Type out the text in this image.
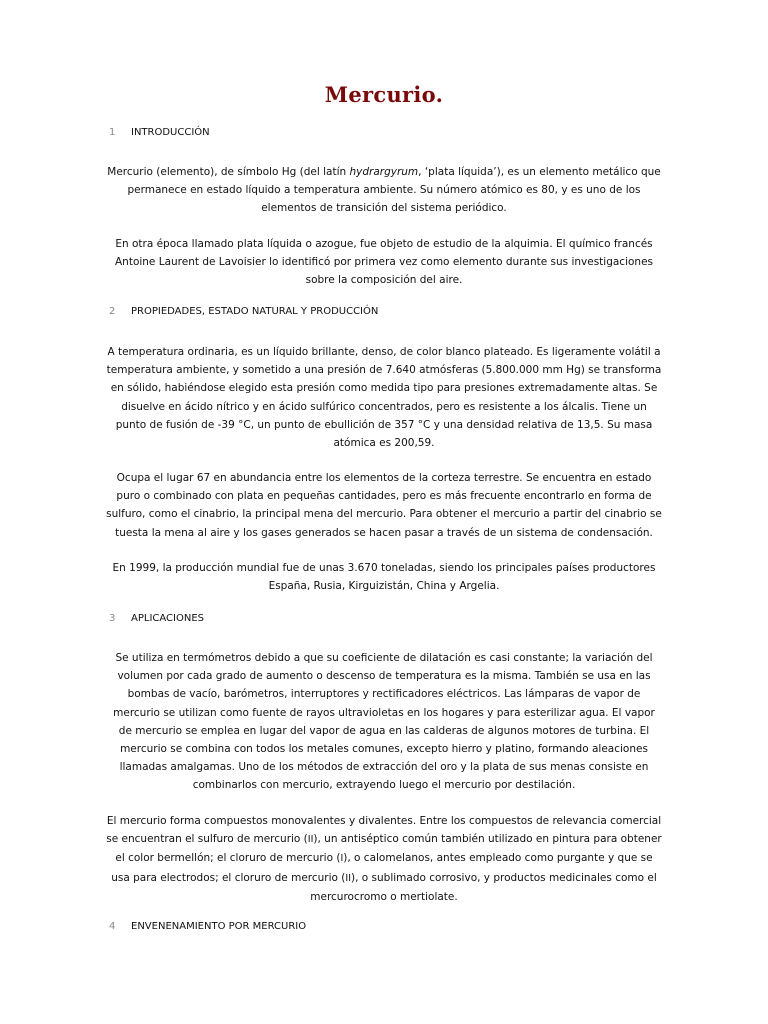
Mercurio.
1 INTRODUCCIÓN

Mercurio (elemento), de símbolo Hg (del latín hydrargyrum, ‘plata líquida’), es un elemento metálico que permanece en estado líquido a temperatura ambiente. Su número atómico es 80, y es uno de los elementos de transición del sistema periódico.

En otra época llamado plata líquida o azogue, fue objeto de estudio de la alquimia. El químico francés Antoine Laurent de Lavoisier lo identificó por primera vez como elemento durante sus investigaciones sobre la composición del aire.

2 PROPIEDADES, ESTADO NATURAL Y PRODUCCIÓN

A temperatura ordinaria, es un líquido brillante, denso, de color blanco plateado. Es ligeramente volátil a temperatura ambiente, y sometido a una presión de 7.640 atmósferas (5.800.000 mm Hg) se transforma en sólido, habiéndose elegido esta presión como medida tipo para presiones extremadamente altas. Se disuelve en ácido nítrico y en ácido sulfúrico concentrados, pero es resistente a los álcalis. Tiene un punto de fusión de -39 °C, un punto de ebullición de 357 °C y una densidad relativa de 13,5. Su masa atómica es 200,59.

Ocupa el lugar 67 en abundancia entre los elementos de la corteza terrestre. Se encuentra en estado puro o combinado con plata en pequeñas cantidades, pero es más frecuente encontrarlo en forma de sulfuro, como el cinabrio, la principal mena del mercurio. Para obtener el mercurio a partir del cinabrio se tuesta la mena al aire y los gases generados se hacen pasar a través de un sistema de condensación.

En 1999, la producción mundial fue de unas 3.670 toneladas, siendo los principales países productores España, Rusia, Kirguizistán, China y Argelia.

3 APLICACIONES

Se utiliza en termómetros debido a que su coeficiente de dilatación es casi constante; la variación del volumen por cada grado de aumento o descenso de temperatura es la misma. También se usa en las bombas de vacío, barómetros, interruptores y rectificadores eléctricos. Las lámparas de vapor de mercurio se utilizan como fuente de rayos ultravioletas en los hogares y para esterilizar agua. El vapor de mercurio se emplea en lugar del vapor de agua en las calderas de algunos motores de turbina. El mercurio se combina con todos los metales comunes, excepto hierro y platino, formando aleaciones llamadas amalgamas. Uno de los métodos de extracción del oro y la plata de sus menas consiste en combinarlos con mercurio, extrayendo luego el mercurio por destilación.

El mercurio forma compuestos monovalentes y divalentes. Entre los compuestos de relevancia comercial se encuentran el sulfuro de mercurio (II), un antiséptico común también utilizado en pintura para obtener el color bermellón; el cloruro de mercurio (I), o calomelanos, antes empleado como purgante y que se usa para electrodos; el cloruro de mercurio (II), o sublimado corrosivo, y productos medicinales como el mercurocromo o mertiolate.

4 ENVENENAMIENTO POR MERCURIO
